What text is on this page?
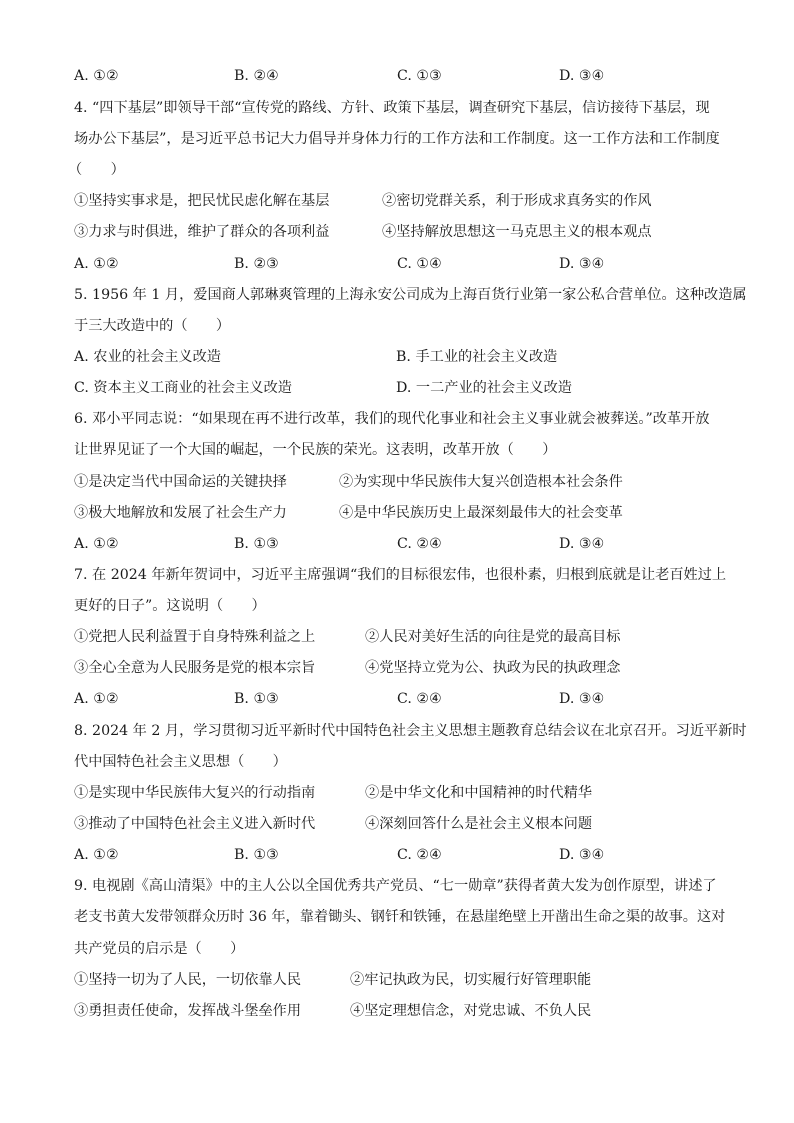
A. ①②	B. ②④	C. ①③	D. ③④
4. “四下基层”即领导干部“宣传党的路线、方针、政策下基层，调查研究下基层，信访接待下基层，现
场办公下基层”，是习近平总书记大力倡导并身体力行的工作方法和工作制度。这一工作方法和工作制度
（　　）
①坚持实事求是，把民忧民虑化解在基层	②密切党群关系，利于形成求真务实的作风
③力求与时俱进，维护了群众的各项利益	④坚持解放思想这一马克思主义的根本观点
A. ①②	B. ②③	C. ①④	D. ③④
5. 1956 年 1 月，爱国商人郭琳爽管理的上海永安公司成为上海百货行业第一家公私合营单位。这种改造属
于三大改造中的（　　）
A. 农业的社会主义改造	B. 手工业的社会主义改造
C. 资本主义工商业的社会主义改造	D. 一二产业的社会主义改造
6. 邓小平同志说：“如果现在再不进行改革，我们的现代化事业和社会主义事业就会被葬送。”改革开放
让世界见证了一个大国的崛起，一个民族的荣光。这表明，改革开放（　　）
①是决定当代中国命运的关键抉择	②为实现中华民族伟大复兴创造根本社会条件
③极大地解放和发展了社会生产力	④是中华民族历史上最深刻最伟大的社会变革
A. ①②	B. ①③	C. ②④	D. ③④
7. 在 2024 年新年贺词中，习近平主席强调“我们的目标很宏伟，也很朴素，归根到底就是让老百姓过上
更好的日子”。这说明（　　）
①党把人民利益置于自身特殊利益之上	②人民对美好生活的向往是党的最高目标
③全心全意为人民服务是党的根本宗旨	④党坚持立党为公、执政为民的执政理念
A. ①②	B. ①③	C. ②④	D. ③④
8. 2024 年 2 月，学习贯彻习近平新时代中国特色社会主义思想主题教育总结会议在北京召开。习近平新时
代中国特色社会主义思想（　　）
①是实现中华民族伟大复兴的行动指南	②是中华文化和中国精神的时代精华
③推动了中国特色社会主义进入新时代	④深刻回答什么是社会主义根本问题
A. ①②	B. ①③	C. ②④	D. ③④
9. 电视剧《高山清渠》中的主人公以全国优秀共产党员、“七一勋章”获得者黄大发为创作原型，讲述了
老支书黄大发带领群众历时 36 年，靠着锄头、钢钎和铁锤，在悬崖绝壁上开凿出生命之渠的故事。这对
共产党员的启示是（　　）
①坚持一切为了人民，一切依靠人民	②牢记执政为民，切实履行好管理职能
③勇担责任使命，发挥战斗堡垒作用	④坚定理想信念，对党忠诚、不负人民
